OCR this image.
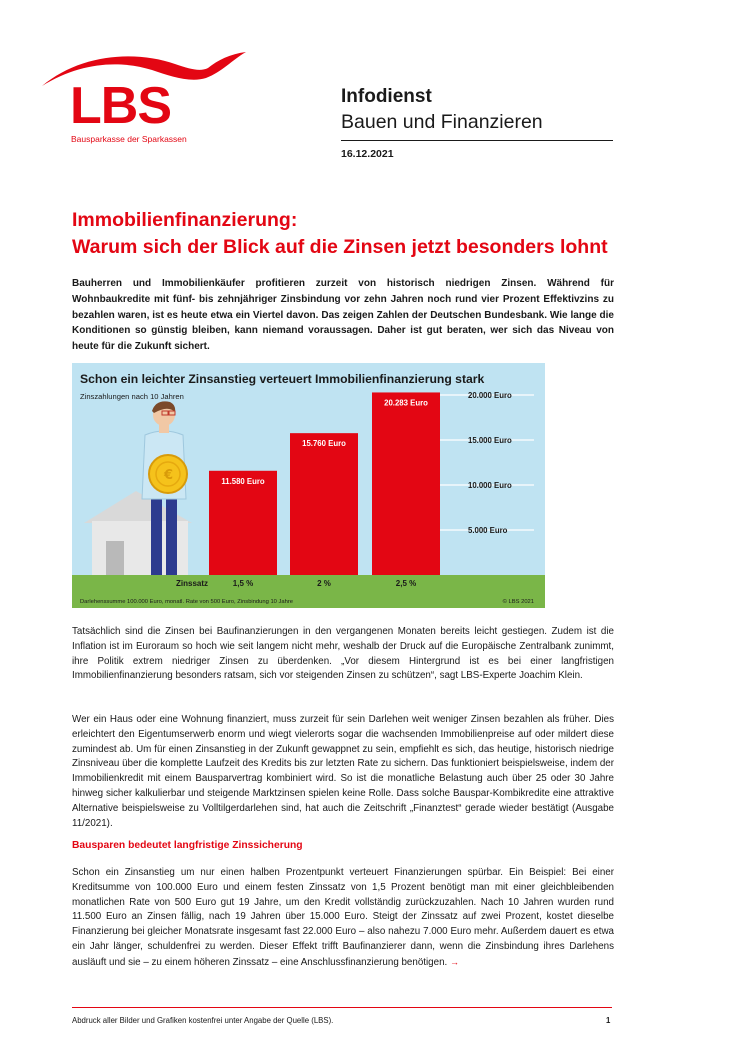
LBS
Bausparkasse der Sparkassen
Infodienst
Bauen und Finanzieren
16.12.2021
Immobilienfinanzierung:
Warum sich der Blick auf die Zinsen jetzt besonders lohnt
Bauherren und Immobilienkäufer profitieren zurzeit von historisch niedrigen Zinsen. Während für Wohnbaukredite mit fünf- bis zehnjähriger Zinsbindung vor zehn Jahren noch rund vier Prozent Effektivzins zu bezahlen waren, ist es heute etwa ein Viertel davon. Das zeigen Zahlen der Deutschen Bundesbank. Wie lange die Konditionen so günstig bleiben, kann niemand voraussagen. Daher ist gut beraten, wer sich das Niveau von heute für die Zukunft sichert.
€
5.000 Euro
10.000 Euro
15.000 Euro
20.000 Euro
11.580 Euro
1,5 %
15.760 Euro
2 %
20.283 Euro
2,5 %
Zinssatz
Darlehenssumme 100.000 Euro, monatl. Rate von 500 Euro, Zinsbindung 10 Jahre	© LBS 2021
Schon ein leichter Zinsanstieg verteuert Immobilienfinanzierung stark
Zinszahlungen nach 10 Jahren
Tatsächlich sind die Zinsen bei Baufinanzierungen in den vergangenen Monaten bereits leicht gestiegen. Zudem ist die Inflation ist im Euroraum so hoch wie seit langem nicht mehr, weshalb der Druck auf die Europäische Zentralbank zunimmt, ihre Politik extrem niedriger Zinsen zu überdenken. „Vor diesem Hintergrund ist es bei einer langfristigen Immobilienfinanzierung besonders ratsam, sich vor steigenden Zinsen zu schützen“, sagt LBS-Experte Joachim Klein.
Wer ein Haus oder eine Wohnung finanziert, muss zurzeit für sein Darlehen weit weniger Zinsen bezahlen als früher. Dies erleichtert den Eigentumserwerb enorm und wiegt vielerorts sogar die wachsenden Immobilienpreise auf oder mildert diese zumindest ab. Um für einen Zinsanstieg in der Zukunft gewappnet zu sein, empfiehlt es sich, das heutige, historisch niedrige Zinsniveau über die komplette Laufzeit des Kredits bis zur letzten Rate zu sichern. Das funktioniert beispielsweise, indem der Immobilienkredit mit einem Bausparvertrag kombiniert wird. So ist die monatliche Belastung auch über 25 oder 30 Jahre hinweg sicher kalkulierbar und steigende Marktzinsen spielen keine Rolle. Dass solche Bauspar-Kombikredite eine attraktive Alternative beispielsweise zu Volltilgerdarlehen sind, hat auch die Zeitschrift „Finanztest“ gerade wieder bestätigt (Ausgabe 11/2021).
Bausparen bedeutet langfristige Zinssicherung
Schon ein Zinsanstieg um nur einen halben Prozentpunkt verteuert Finanzierungen spürbar. Ein Beispiel: Bei einer Kreditsumme von 100.000 Euro und einem festen Zinssatz von 1,5 Prozent benötigt man mit einer gleichbleibenden monatlichen Rate von 500 Euro gut 19 Jahre, um den Kredit vollständig zurückzuzahlen. Nach 10 Jahren wurden rund 11.500 Euro an Zinsen fällig, nach 19 Jahren über 15.000 Euro. Steigt der Zinssatz auf zwei Prozent, kostet dieselbe Finanzierung bei gleicher Monatsrate insgesamt fast 22.000 Euro – also nahezu 7.000 Euro mehr. Außerdem dauert es etwa ein Jahr länger, schuldenfrei zu werden. Dieser Effekt trifft Baufinanzierer dann, wenn die Zinsbindung ihres Darlehens ausläuft und sie – zu einem höheren Zinssatz – eine Anschlussfinanzierung benötigen. →
Abdruck aller Bilder und Grafiken kostenfrei unter Angabe der Quelle (LBS).	1
